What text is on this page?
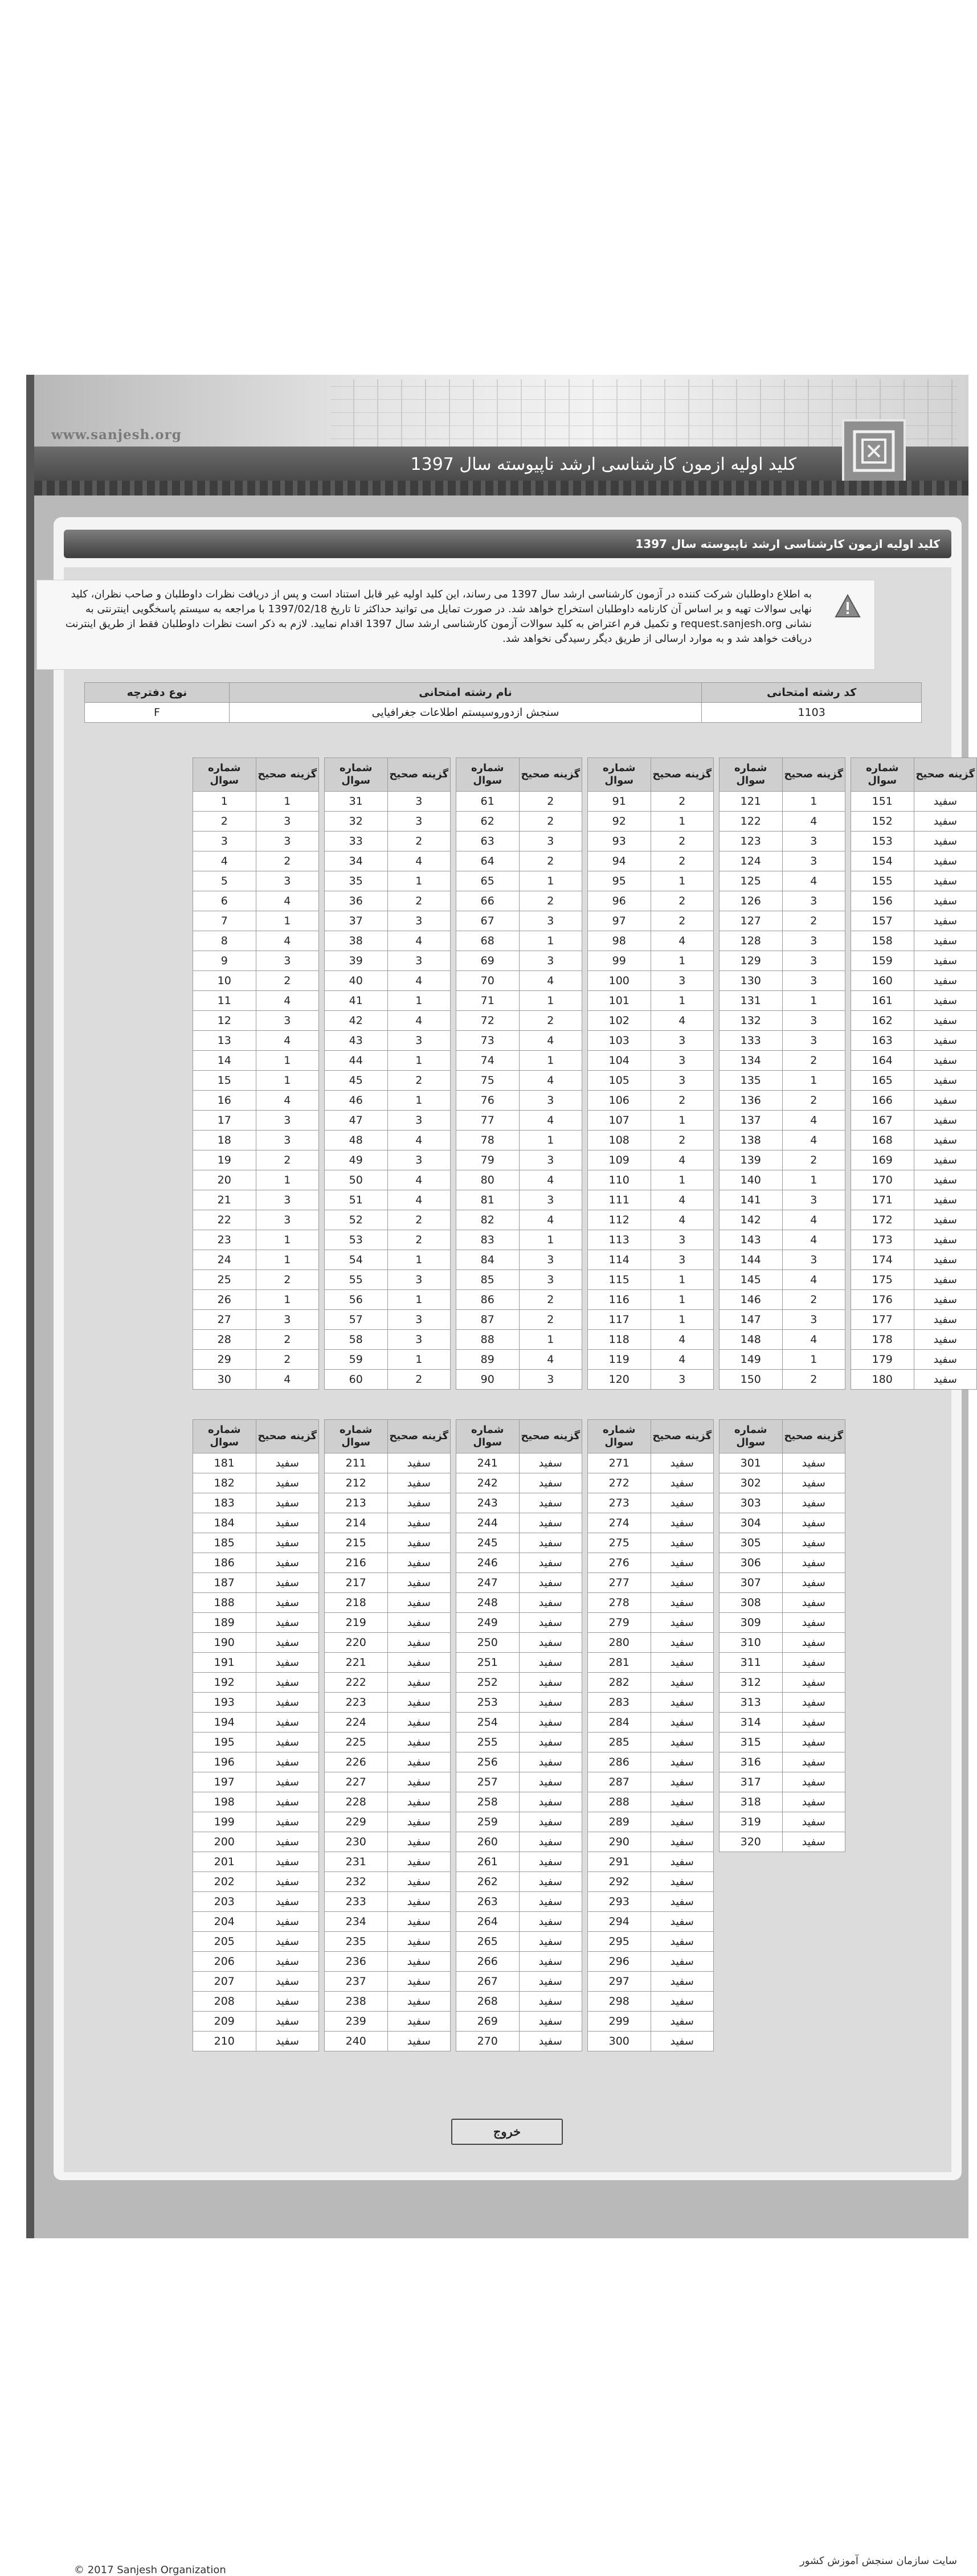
www.sanjesh.org
کلید اولیه ازمون کارشناسی ارشد ناپیوسته سال 1397
کلید اولیه ازمون کارشناسی ارشد ناپیوسته سال 1397
© 2017 Sanjesh Organization
سایت سازمان سنجش آموزش کشور
به اطلاع داوطلبان شرکت کننده در آزمون کارشناسی ارشد سال 1397 می رساند، این کلید اولیه غیر قابل استناد است و پس از دریافت نظرات داوطلبان و صاحب نظران، کلید نهایی سوالات تهیه و بر اساس آن کارنامه داوطلبان استخراج خواهد شد. در صورت تمایل می توانید حداکثر تا تاریخ 1397/02/18 با مراجعه به سیستم پاسخگویی اینترنتی به نشانی request.sanjesh.org و تکمیل فرم اعتراض به کلید سوالات آزمون کارشناسی ارشد سال 1397 اقدام نمایید. لازم به ذکر است نظرات داوطلبان فقط از طریق اینترنت دریافت خواهد شد و به موارد ارسالی از طریق دیگر رسیدگی نخواهد شد.
نوع دفترچه	نام رشته امتحانی	کد رشته امتحانی
F	سنجش ازدوروسیستم اطلاعات جغرافیایی	1103
شماره سوال	گزینه صحیح
151	سفید
152	سفید
153	سفید
154	سفید
155	سفید
156	سفید
157	سفید
158	سفید
159	سفید
160	سفید
161	سفید
162	سفید
163	سفید
164	سفید
165	سفید
166	سفید
167	سفید
168	سفید
169	سفید
170	سفید
171	سفید
172	سفید
173	سفید
174	سفید
175	سفید
176	سفید
177	سفید
178	سفید
179	سفید
180	سفید
شماره سوال	گزینه صحیح
121	1
122	4
123	3
124	3
125	4
126	3
127	2
128	3
129	3
130	3
131	1
132	3
133	3
134	2
135	1
136	2
137	4
138	4
139	2
140	1
141	3
142	4
143	4
144	3
145	4
146	2
147	3
148	4
149	1
150	2
شماره سوال	گزینه صحیح
91	2
92	1
93	2
94	2
95	1
96	2
97	2
98	4
99	1
100	3
101	1
102	4
103	3
104	3
105	3
106	2
107	1
108	2
109	4
110	1
111	4
112	4
113	3
114	3
115	1
116	1
117	1
118	4
119	4
120	3
شماره سوال	گزینه صحیح
61	2
62	2
63	3
64	2
65	1
66	2
67	3
68	1
69	3
70	4
71	1
72	2
73	4
74	1
75	4
76	3
77	4
78	1
79	3
80	4
81	3
82	4
83	1
84	3
85	3
86	2
87	2
88	1
89	4
90	3
شماره سوال	گزینه صحیح
31	3
32	3
33	2
34	4
35	1
36	2
37	3
38	4
39	3
40	4
41	1
42	4
43	3
44	1
45	2
46	1
47	3
48	4
49	3
50	4
51	4
52	2
53	2
54	1
55	3
56	1
57	3
58	3
59	1
60	2
شماره سوال	گزینه صحیح
1	1
2	3
3	3
4	2
5	3
6	4
7	1
8	4
9	3
10	2
11	4
12	3
13	4
14	1
15	1
16	4
17	3
18	3
19	2
20	1
21	3
22	3
23	1
24	1
25	2
26	1
27	3
28	2
29	2
30	4
شماره سوال	گزینه صحیح
301	سفید
302	سفید
303	سفید
304	سفید
305	سفید
306	سفید
307	سفید
308	سفید
309	سفید
310	سفید
311	سفید
312	سفید
313	سفید
314	سفید
315	سفید
316	سفید
317	سفید
318	سفید
319	سفید
320	سفید
شماره سوال	گزینه صحیح
271	سفید
272	سفید
273	سفید
274	سفید
275	سفید
276	سفید
277	سفید
278	سفید
279	سفید
280	سفید
281	سفید
282	سفید
283	سفید
284	سفید
285	سفید
286	سفید
287	سفید
288	سفید
289	سفید
290	سفید
291	سفید
292	سفید
293	سفید
294	سفید
295	سفید
296	سفید
297	سفید
298	سفید
299	سفید
300	سفید
شماره سوال	گزینه صحیح
241	سفید
242	سفید
243	سفید
244	سفید
245	سفید
246	سفید
247	سفید
248	سفید
249	سفید
250	سفید
251	سفید
252	سفید
253	سفید
254	سفید
255	سفید
256	سفید
257	سفید
258	سفید
259	سفید
260	سفید
261	سفید
262	سفید
263	سفید
264	سفید
265	سفید
266	سفید
267	سفید
268	سفید
269	سفید
270	سفید
شماره سوال	گزینه صحیح
211	سفید
212	سفید
213	سفید
214	سفید
215	سفید
216	سفید
217	سفید
218	سفید
219	سفید
220	سفید
221	سفید
222	سفید
223	سفید
224	سفید
225	سفید
226	سفید
227	سفید
228	سفید
229	سفید
230	سفید
231	سفید
232	سفید
233	سفید
234	سفید
235	سفید
236	سفید
237	سفید
238	سفید
239	سفید
240	سفید
شماره سوال	گزینه صحیح
181	سفید
182	سفید
183	سفید
184	سفید
185	سفید
186	سفید
187	سفید
188	سفید
189	سفید
190	سفید
191	سفید
192	سفید
193	سفید
194	سفید
195	سفید
196	سفید
197	سفید
198	سفید
199	سفید
200	سفید
201	سفید
202	سفید
203	سفید
204	سفید
205	سفید
206	سفید
207	سفید
208	سفید
209	سفید
210	سفید
خروج
